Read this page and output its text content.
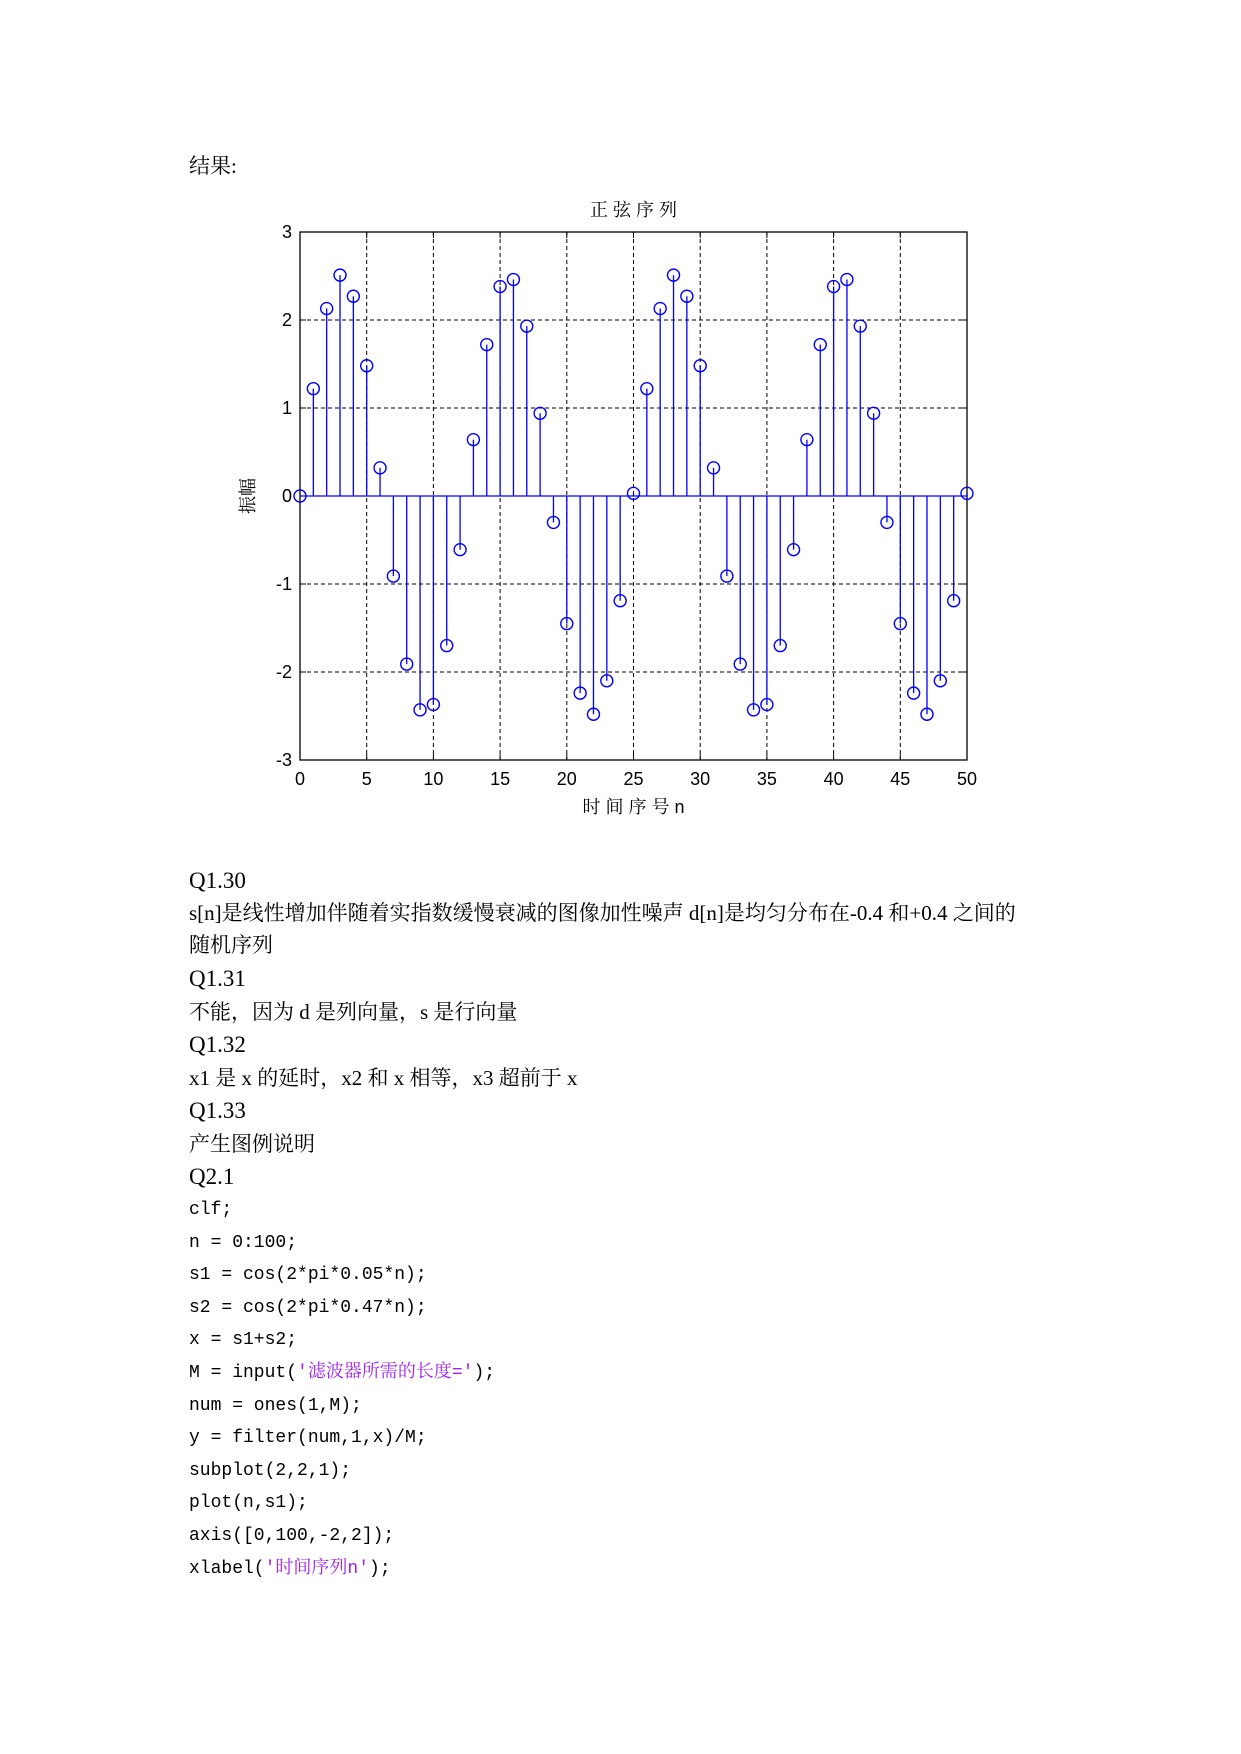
结果:
0	5	10	15	20	25	30	35	40	45	50
-3
-2
-1
0
1
2
3
正 弦 序 列
时 间 序 号 n
振幅
Q1.30
s[n]是线性增加伴随着实指数缓慢衰减的图像加性噪声 d[n]是均匀分布在-0.4 和+0.4 之间的
随机序列
Q1.31
不能，因为 d 是列向量，s 是行向量
Q1.32
x1 是 x 的延时，x2 和 x 相等，x3 超前于 x
Q1.33
产生图例说明
Q2.1
clf;
n = 0:100;
s1 = cos(2*pi*0.05*n);
s2 = cos(2*pi*0.47*n);
x = s1+s2;
M = input('滤波器所需的长度=');
num = ones(1,M);
y = filter(num,1,x)/M;
subplot(2,2,1);
plot(n,s1);
axis([0,100,-2,2]);
xlabel('时间序列n');
